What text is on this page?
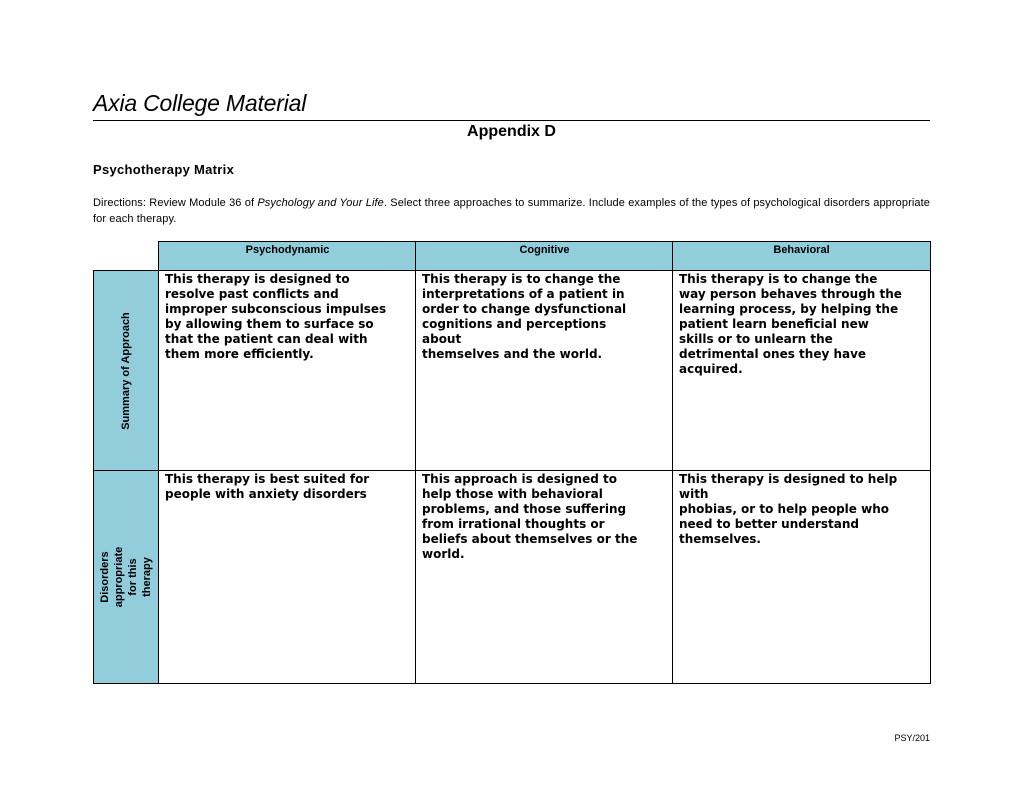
Axia College Material
Appendix D
Psychotherapy Matrix
Directions: Review Module 36 of Psychology and Your Life. Select three approaches to summarize. Include examples of the types of psychological disorders appropriate for each therapy.
Psychodynamic	Cognitive	Behavioral
Summary of Approach
This therapy is designed to
resolve past conflicts and
improper subconscious impulses
by allowing them to surface so
that the patient can deal with
them more efficiently.
This therapy is to change the
interpretations of a patient in
order to change dysfunctional
cognitions and perceptions
about
themselves and the world.
This therapy is to change the
way person behaves through the
learning process, by helping the
patient learn beneficial new
skills or to unlearn the
detrimental ones they have
acquired.
Disorders appropriate for this
therapy
This therapy is best suited for
people with anxiety disorders
This approach is designed to
help those with behavioral
problems, and those suffering
from irrational thoughts or
beliefs about themselves or the
world.
This therapy is designed to help
with
phobias, or to help people who
need to better understand
themselves.
PSY/201
